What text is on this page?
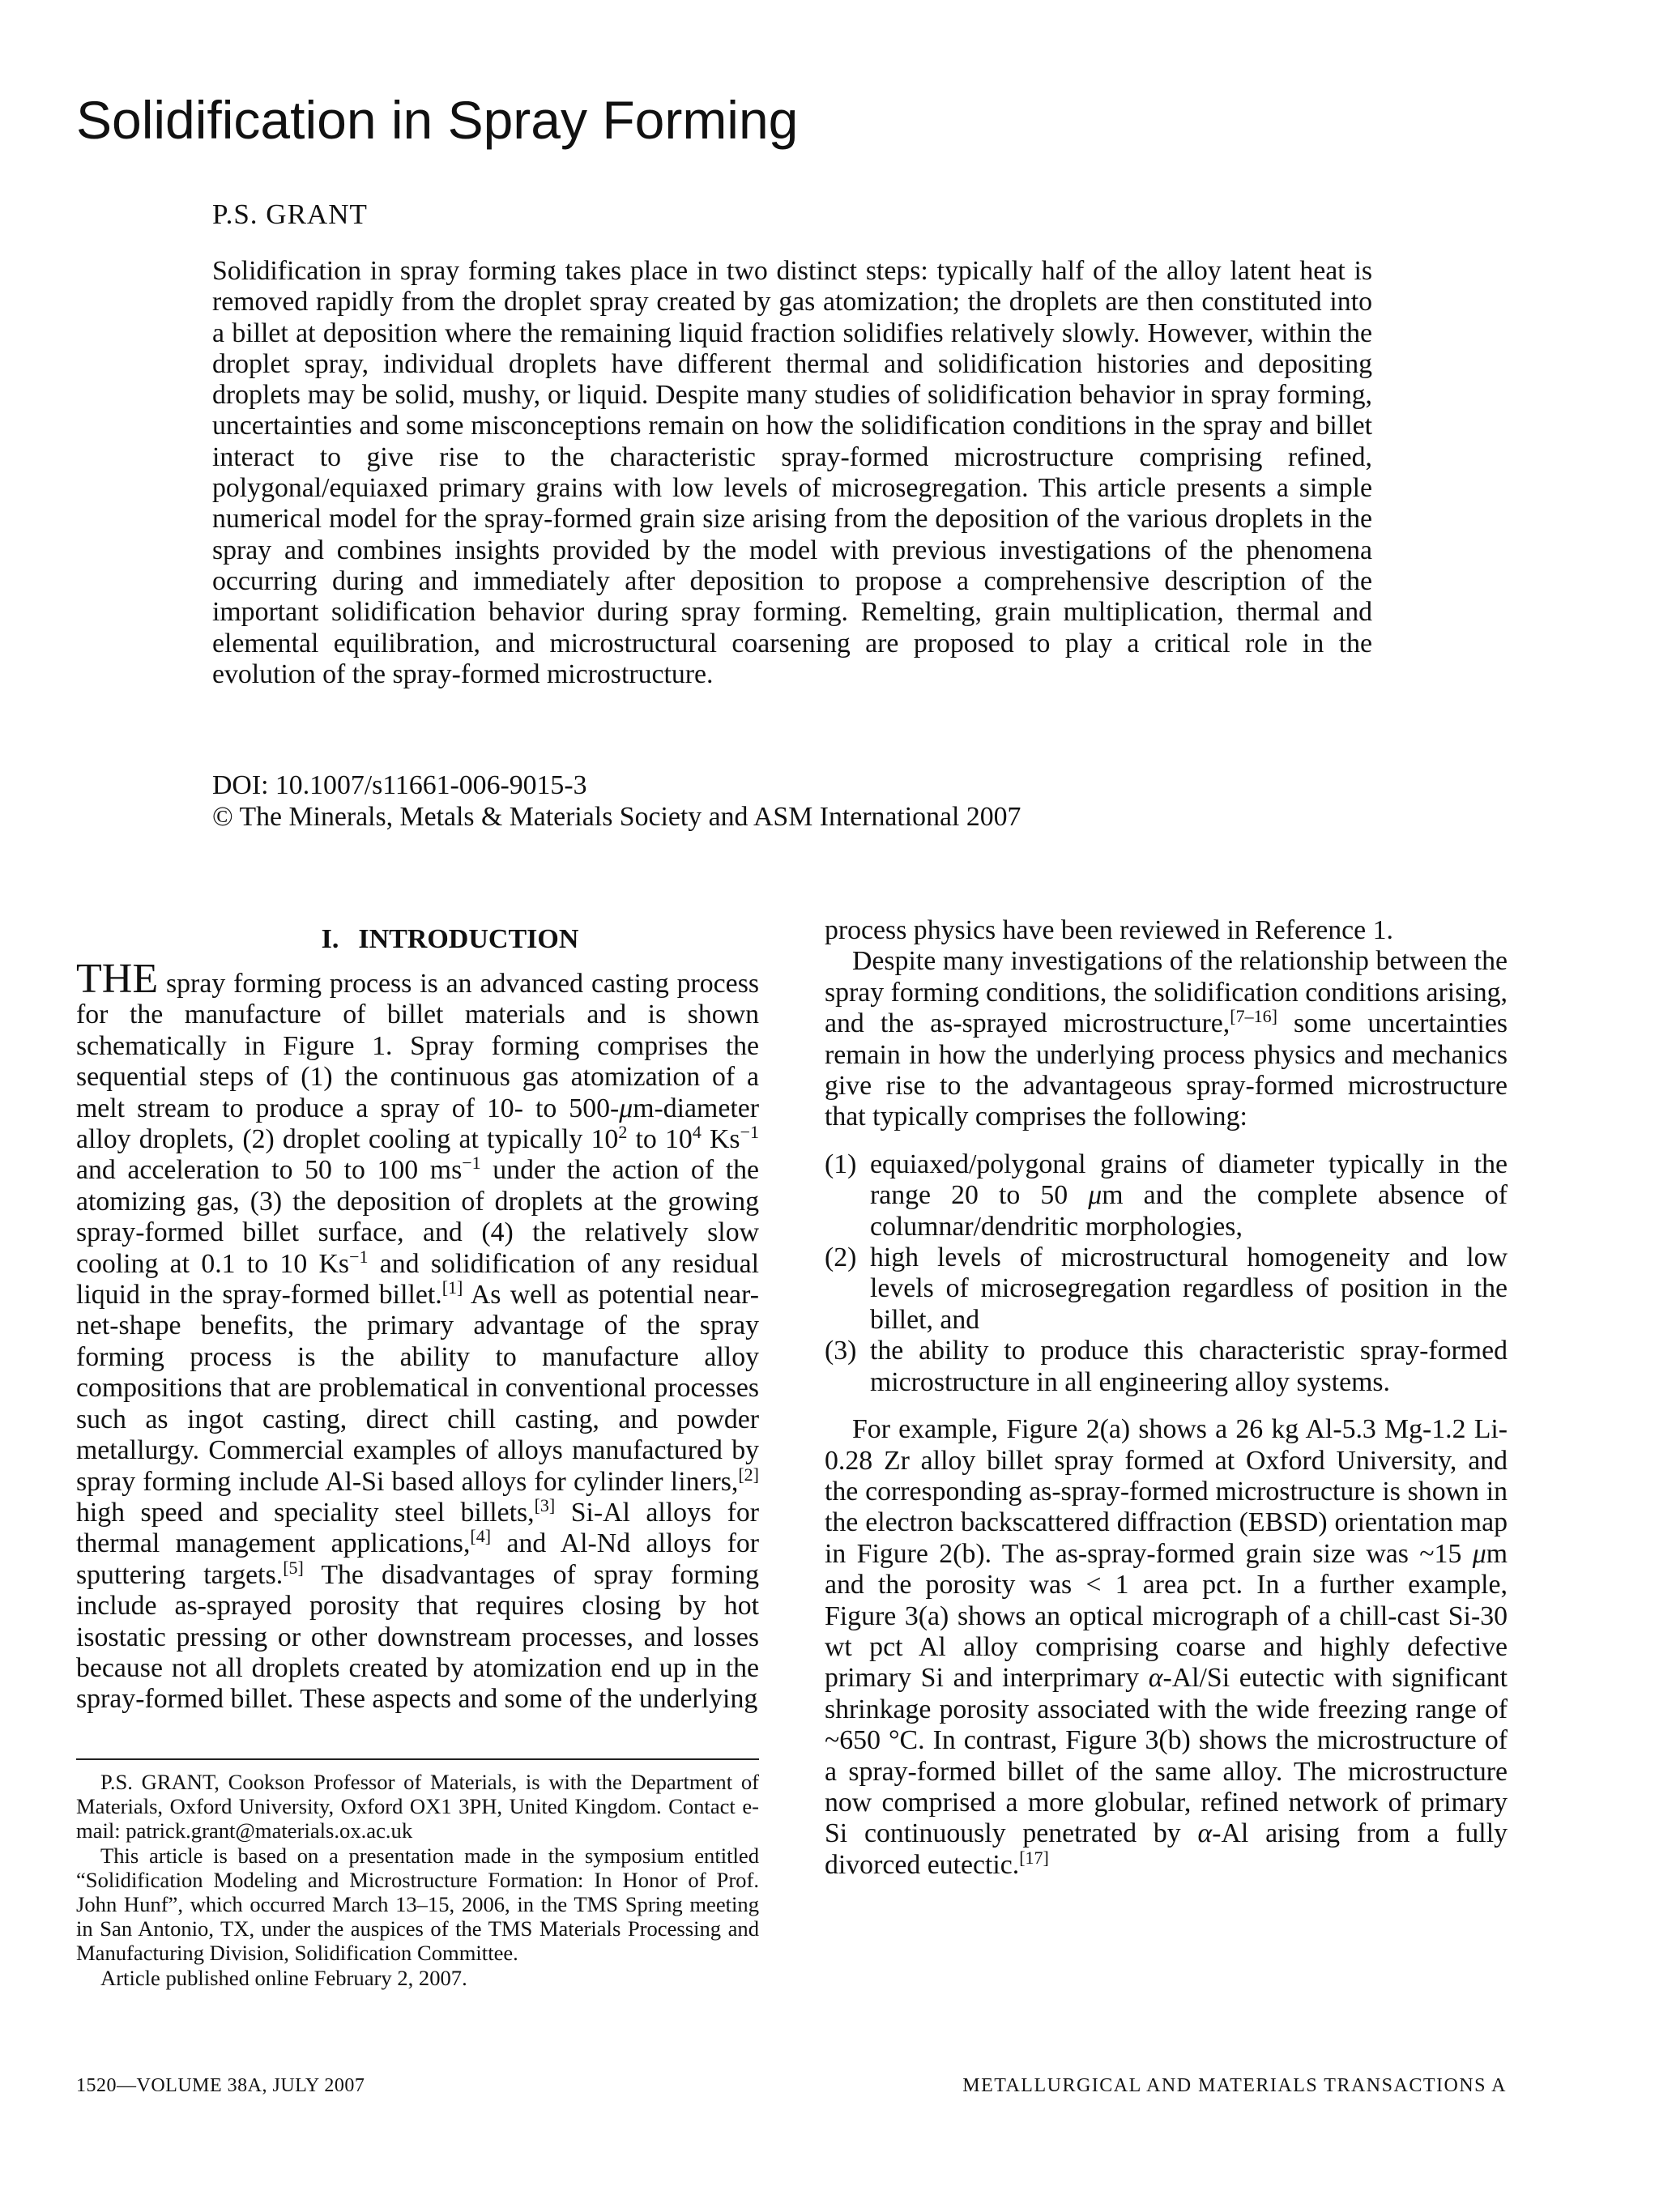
Solidification in Spray Forming
P.S. GRANT
Solidification in spray forming takes place in two distinct steps: typically half of the alloy latent heat is removed rapidly from the droplet spray created by gas atomization; the droplets are then constituted into a billet at deposition where the remaining liquid fraction solidifies relatively slowly. However, within the droplet spray, individual droplets have different thermal and solidification histories and depositing droplets may be solid, mushy, or liquid. Despite many studies of solidification behavior in spray forming, uncertainties and some misconceptions remain on how the solidification conditions in the spray and billet interact to give rise to the characteristic spray-formed microstructure comprising refined, polygonal/equiaxed primary grains with low levels of microsegregation. This article presents a simple numerical model for the spray-formed grain size arising from the deposition of the various droplets in the spray and combines insights provided by the model with previous investigations of the phenomena occurring during and immediately after deposition to propose a comprehensive description of the important solidification behavior during spray forming. Remelting, grain multiplication, thermal and elemental equilibration, and microstructural coarsening are proposed to play a critical role in the evolution of the spray-formed microstructure.
DOI: 10.1007/s11661-006-9015-3
© The Minerals, Metals & Materials Society and ASM International 2007
I. INTRODUCTION

THE spray forming process is an advanced casting process for the manufacture of billet materials and is shown schematically in Figure 1. Spray forming comprises the sequential steps of (1) the continuous gas atomization of a melt stream to produce a spray of 10- to 500-μm-diameter alloy droplets, (2) droplet cooling at typically $10^2$ to $10^4$ $Ks^{-1}$ and acceleration to 50 to 100 $ms^{-1}$ under the action of the atomizing gas, (3) the deposition of droplets at the growing spray-formed billet surface, and (4) the relatively slow cooling at 0.1 to 10 $Ks^{-1}$ and solidification of any residual liquid in the spray-formed billet.[1] As well as potential near-net-shape benefits, the primary advantage of the spray forming process is the ability to manufacture alloy compositions that are problematical in conventional processes such as ingot casting, direct chill casting, and powder metallurgy. Commercial examples of alloys manufactured by spray forming include Al-Si based alloys for cylinder liners,[2] high speed and speciality steel billets,[3] Si-Al alloys for thermal management applications,[4] and Al-Nd alloys for sputtering targets.[5] The disadvantages of spray forming include as-sprayed porosity that requires closing by hot isostatic pressing or other downstream processes, and losses because not all droplets created by atomization end up in the spray-formed billet. These aspects and some of the underlying

process physics have been reviewed in Reference 1.

Despite many investigations of the relationship between the spray forming conditions, the solidification conditions arising, and the as-sprayed microstructure,[7–16] some uncertainties remain in how the underlying process physics and mechanics give rise to the advantageous spray-formed microstructure that typically comprises the following:

(1) equiaxed/polygonal grains of diameter typically in the range 20 to 50 μm and the complete absence of columnar/dendritic morphologies,
(2) high levels of microstructural homogeneity and low levels of microsegregation regardless of position in the billet, and
(3) the ability to produce this characteristic spray-formed microstructure in all engineering alloy systems.

For example, Figure 2(a) shows a 26 kg Al-5.3 Mg-1.2 Li-0.28 Zr alloy billet spray formed at Oxford University, and the corresponding as-spray-formed microstructure is shown in the electron backscattered diffraction (EBSD) orientation map in Figure 2(b). The as-spray-formed grain size was ~15 μm and the porosity was < 1 area pct. In a further example, Figure 3(a) shows an optical micrograph of a chill-cast Si-30 wt pct Al alloy comprising coarse and highly defective primary Si and interprimary α-Al/Si eutectic with significant shrinkage porosity associated with the wide freezing range of ~650 °C. In contrast, Figure 3(b) shows the microstructure of a spray-formed billet of the same alloy. The microstructure now comprised a more globular, refined network of primary Si continuously penetrated by α-Al arising from a fully divorced eutectic.[17]

P.S. GRANT, Cookson Professor of Materials, is with the Department of Materials, Oxford University, Oxford OX1 3PH, United Kingdom. Contact e-mail: patrick.grant@materials.ox.ac.uk

This article is based on a presentation made in the symposium entitled “Solidification Modeling and Microstructure Formation: In Honor of Prof. John Hunf”, which occurred March 13–15, 2006, in the TMS Spring meeting in San Antonio, TX, under the auspices of the TMS Materials Processing and Manufacturing Division, Solidification Committee.

Article published online February 2, 2007.

1520—VOLUME 38A, JULY 2007	METALLURGICAL AND MATERIALS TRANSACTIONS A
